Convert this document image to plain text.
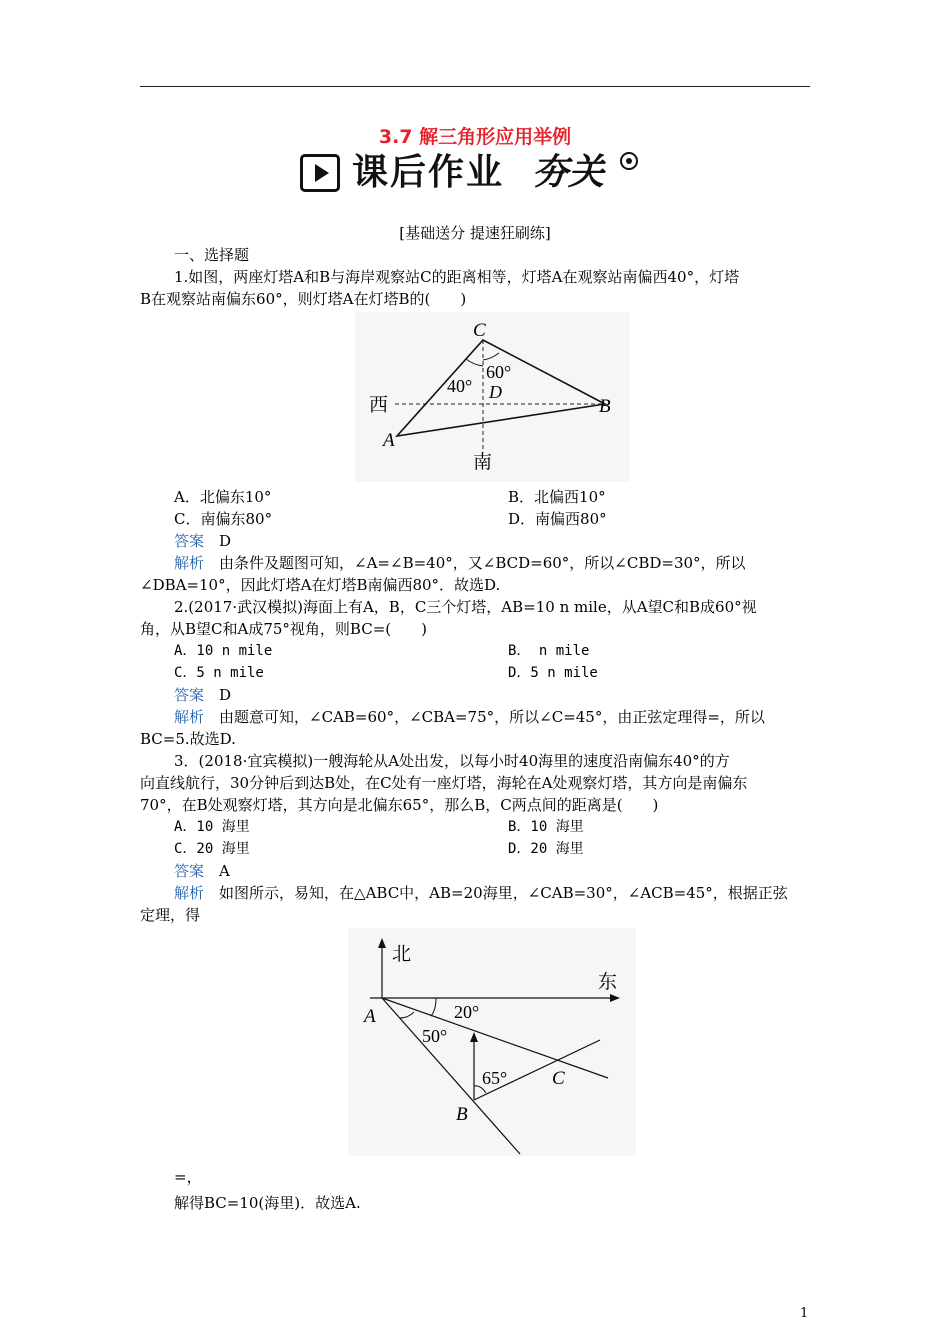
3.7 解三角形应用举例
课后作业 夯关
[基础送分 提速狂刷练]
一、选择题
1.如图，两座灯塔A和B与海岸观察站C的距离相等，灯塔A在观察站南偏西40°，灯塔
B在观察站南偏东60°，则灯塔A在灯塔B的(　　)
C
B
A
D
40°
60°
西
南
A．北偏东10°	B．北偏西10°
C．南偏东80°	D．南偏西80°
答案　 D
解析　 由条件及题图可知，∠A=∠B=40°，又∠BCD=60°，所以∠CBD=30°，所以
∠DBA=10°，因此灯塔A在灯塔B南偏西80°．故选D.
2.(2017·武汉模拟)海面上有A，B，C三个灯塔，AB=10 n mile，从A望C和B成60°视
角，从B望C和A成75°视角，则BC=(　　)
A．10 n mile	B． n mile
C．5 n mile	D．5 n mile
答案　 D
解析　 由题意可知，∠CAB=60°，∠CBA=75°，所以∠C=45°，由正弦定理得=，所以
BC=5.故选D.
3．(2018·宜宾模拟)一艘海轮从A处出发，以每小时40海里的速度沿南偏东40°的方
向直线航行，30分钟后到达B处，在C处有一座灯塔，海轮在A处观察灯塔，其方向是南偏东
70°，在B处观察灯塔，其方向是北偏东65°，那么B，C两点间的距离是(　　)
A．10 海里	B．10 海里
C．20 海里	D．20 海里
答案　 A
解析　 如图所示，易知，在△ABC中，AB=20海里，∠CAB=30°，∠ACB=45°，根据正弦
定理，得
北
东
A
B
C
20°
50°
65°
=，
解得BC=10(海里)．故选A.
1
